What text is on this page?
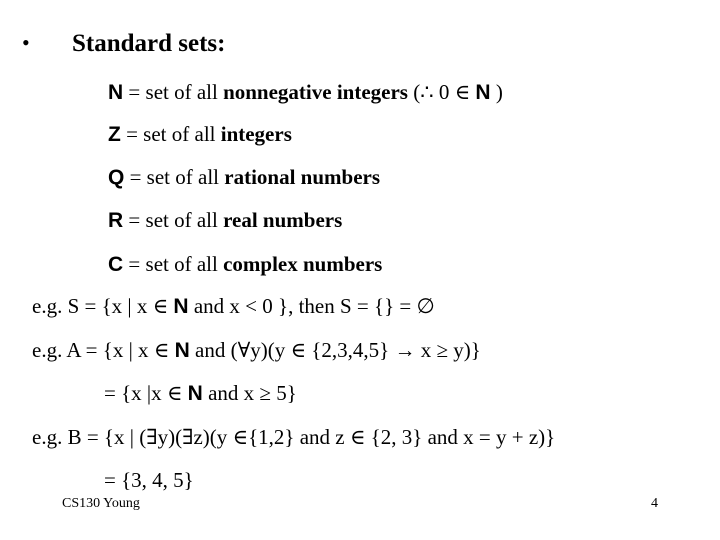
• Standard sets:
N = set of all nonnegative integers (∴ 0 ∈ N )
Z = set of all integers
Q = set of all rational numbers
R = set of all real numbers
C = set of all complex numbers
e.g. S = {x | x ∈ N and x < 0 }, then S = {} = ∅
e.g. A = {x | x ∈ N and (∀y)(y ∈ {2,3,4,5} → x ≥ y)}
= {x |x ∈ N and x ≥ 5}
e.g. B = {x | (∃y)(∃z)(y ∈{1,2} and z ∈ {2, 3} and x = y + z)}
= {3, 4, 5}
CS130 Young	4
